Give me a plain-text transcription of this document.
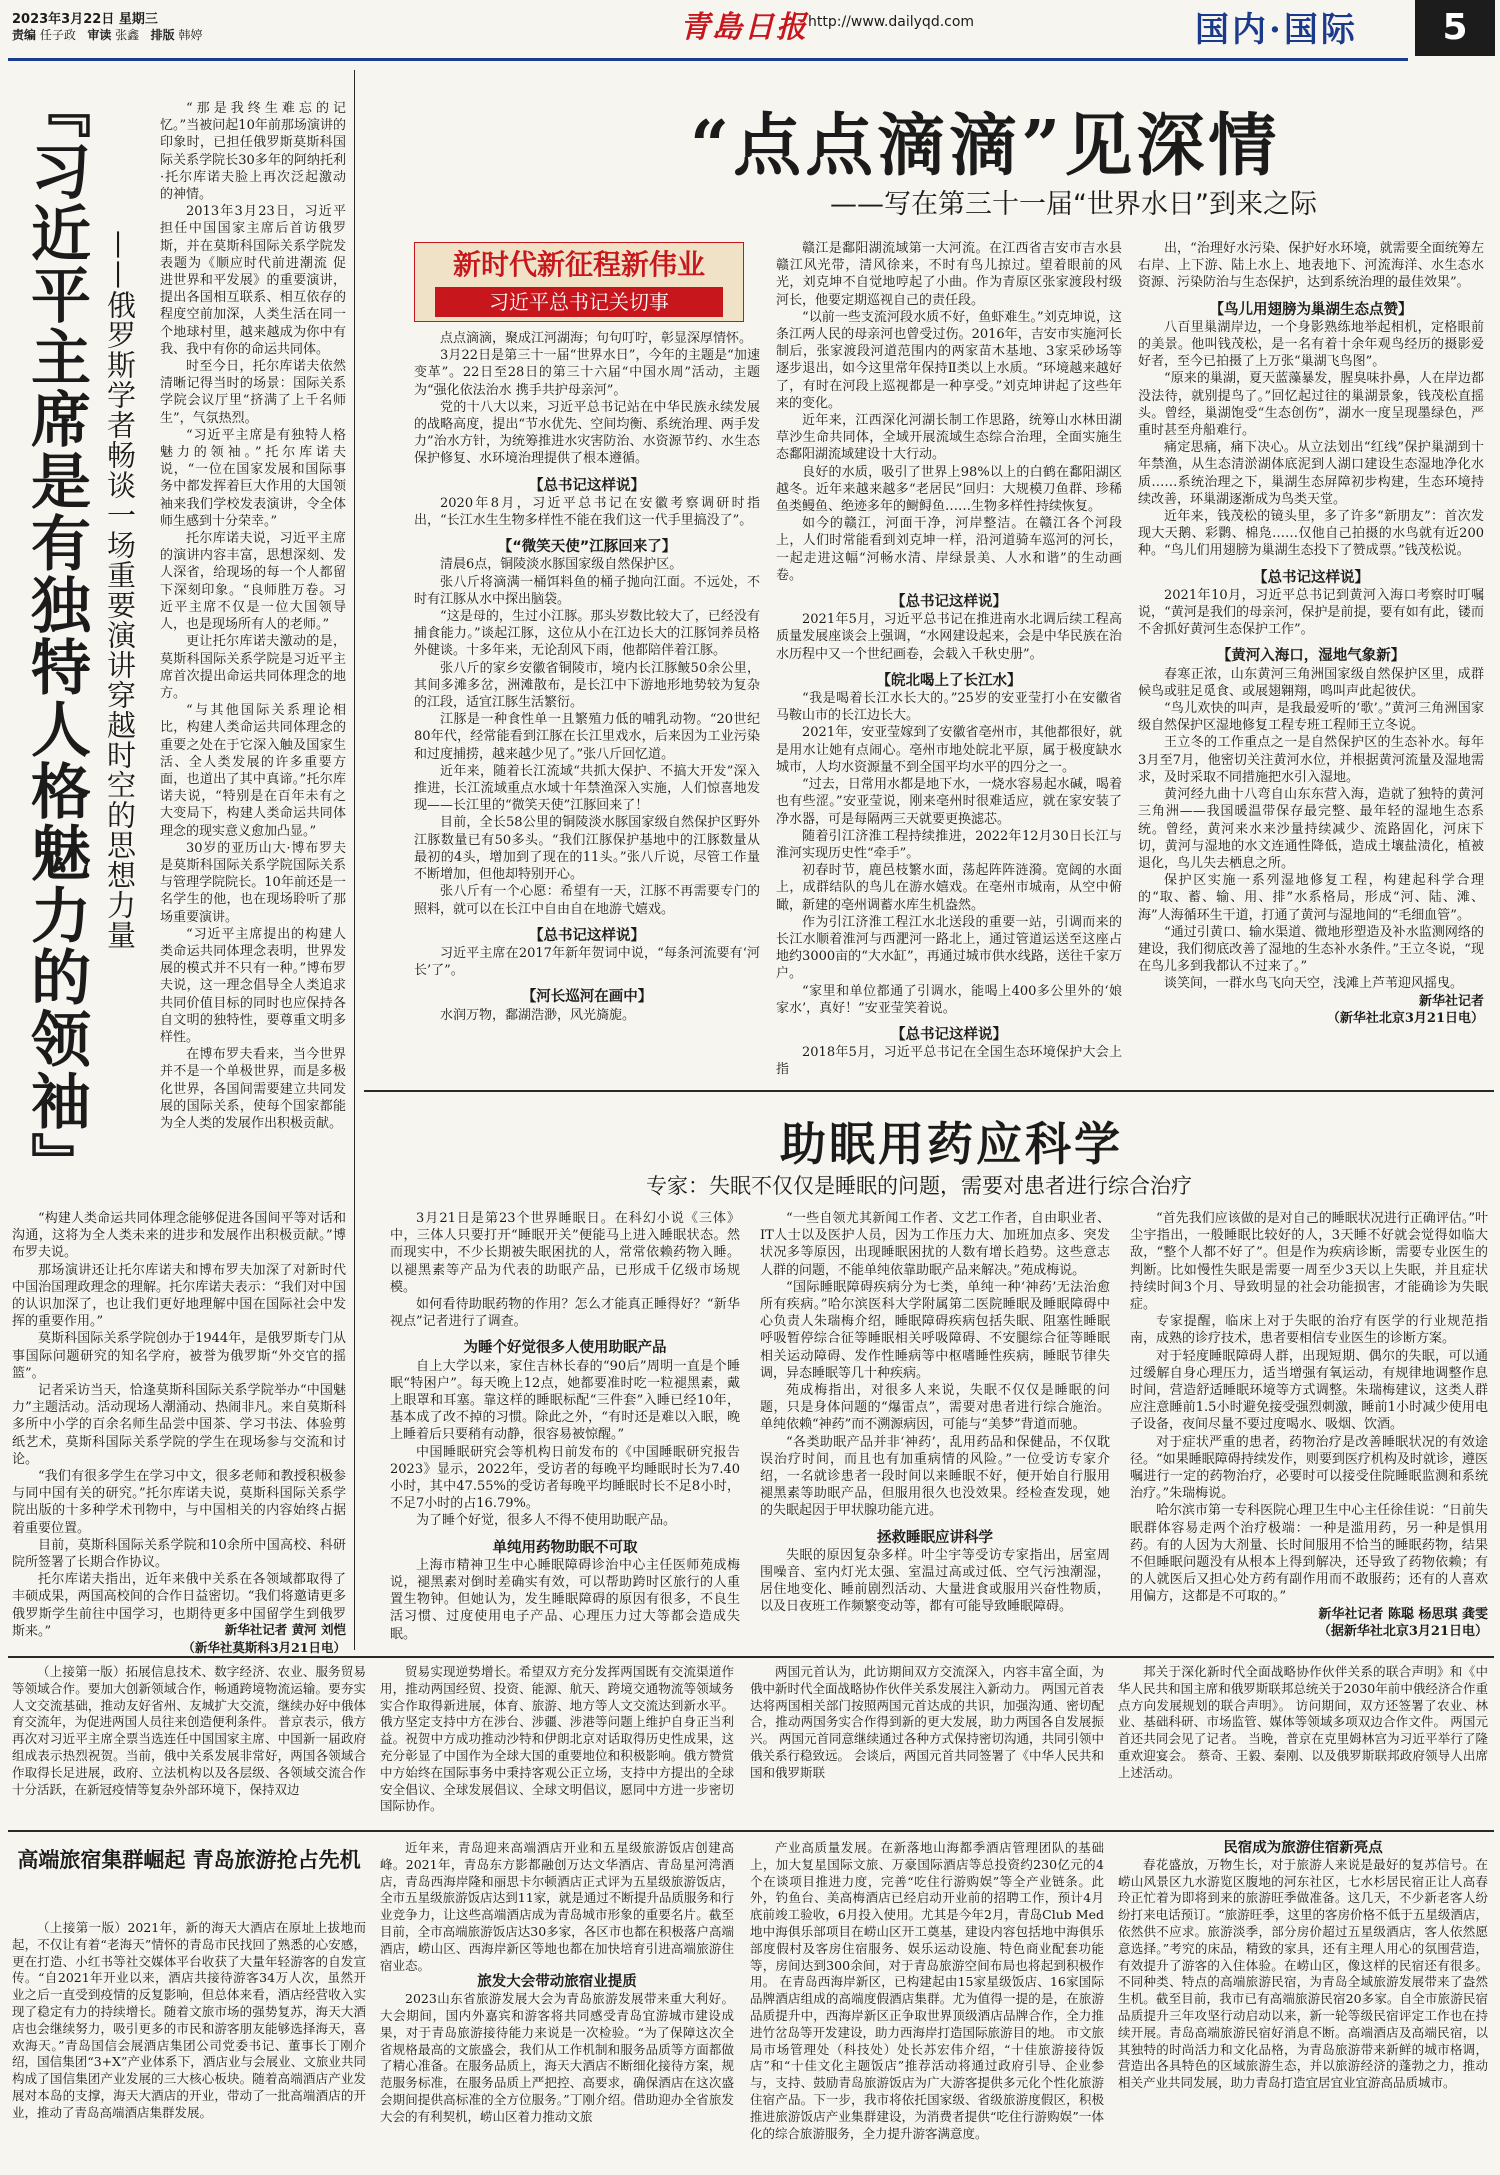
2023年3月22日 星期三
责编 任子政 审读 张鑫 排版 韩婷	青島日报 http://www.dailyqd.com	国内·国际	5
『习近平主席是有独特人格魅力的领袖』 ——俄罗斯学者畅谈一场重要演讲穿越时空的思想力量

“那是我终生难忘的记忆。”当被问起10年前那场演讲的印象时，已担任俄罗斯莫斯科国际关系学院长30多年的阿纳托利·托尔库诺夫脸上再次泛起激动的神情。

2013年3月23日，习近平担任中国国家主席后首访俄罗斯，并在莫斯科国际关系学院发表题为《顺应时代前进潮流 促进世界和平发展》的重要演讲，提出各国相互联系、相互依存的程度空前加深，人类生活在同一个地球村里，越来越成为你中有我、我中有你的命运共同体。

时至今日，托尔库诺夫依然清晰记得当时的场景：国际关系学院会议厅里“挤满了上千名师生”，气氛热烈。

“习近平主席是有独特人格魅力的领袖。”托尔库诺夫说，“一位在国家发展和国际事务中都发挥着巨大作用的大国领袖来我们学校发表演讲，令全体师生感到十分荣幸。”

托尔库诺夫说，习近平主席的演讲内容丰富，思想深刻、发人深省，给现场的每一个人都留下深刻印象。“良师胜万卷。习近平主席不仅是一位大国领导人，也是现场所有人的老师。”

更让托尔库诺夫激动的是，莫斯科国际关系学院是习近平主席首次提出命运共同体理念的地方。

“与其他国际关系理论相比，构建人类命运共同体理念的重要之处在于它深入触及国家生活、全人类发展的许多重要方面，也道出了其中真谛。”托尔库诺夫说，“特别是在百年未有之大变局下，构建人类命运共同体理念的现实意义愈加凸显。”

30岁的亚历山大·博布罗夫是莫斯科国际关系学院国际关系与管理学院院长。10年前还是一名学生的他，也在现场聆听了那场重要演讲。

“习近平主席提出的构建人类命运共同体理念表明，世界发展的模式并不只有一种。”博布罗夫说，这一理念倡导全人类追求共同价值目标的同时也应保持各自文明的独特性，要尊重文明多样性。

在博布罗夫看来，当今世界并不是一个单极世界，而是多极化世界，各国间需要建立共同发展的国际关系，使每个国家都能为全人类的发展作出积极贡献。

“构建人类命运共同体理念能够促进各国间平等对话和沟通，这将为全人类未来的进步和发展作出积极贡献。”博布罗夫说。

那场演讲还让托尔库诺夫和博布罗夫加深了对新时代中国治国理政理念的理解。托尔库诺夫表示：“我们对中国的认识加深了，也让我们更好地理解中国在国际社会中发挥的重要作用。”

莫斯科国际关系学院创办于1944年，是俄罗斯专门从事国际问题研究的知名学府，被誉为俄罗斯“外交官的摇篮”。

记者采访当天，恰逢莫斯科国际关系学院举办“中国魅力”主题活动。活动现场人潮涌动、热闹非凡。来自莫斯科多所中小学的百余名师生品尝中国茶、学习书法、体验剪纸艺术，莫斯科国际关系学院的学生在现场参与交流和讨论。

“我们有很多学生在学习中文，很多老师和教授积极参与同中国有关的研究。”托尔库诺夫说，莫斯科国际关系学院出版的十多种学术刊物中，与中国相关的内容始终占据着重要位置。

目前，莫斯科国际关系学院和10余所中国高校、科研院所签署了长期合作协议。

托尔库诺夫指出，近年来俄中关系在各领域都取得了丰硕成果，两国高校间的合作日益密切。“我们将邀请更多俄罗斯学生前往中国学习，也期待更多中国留学生到俄罗斯来。”	新华社记者 黄河 刘恺
（新华社莫斯科3月21日电）
“点点滴滴”见深情
——写在第三十一届“世界水日”到来之际
新时代新征程新伟业
习近平总书记关切事

点点滴滴，聚成江河湖海；句句叮咛，彰显深厚情怀。

3月22日是第三十一届“世界水日”，今年的主题是“加速变革”。22日至28日的第三十六届“中国水周”活动，主题为“强化依法治水 携手共护母亲河”。

党的十八大以来，习近平总书记站在中华民族永续发展的战略高度，提出“节水优先、空间均衡、系统治理、两手发力”治水方针，为统筹推进水灾害防治、水资源节约、水生态保护修复、水环境治理提供了根本遵循。

【总书记这样说】

2020年8月，习近平总书记在安徽考察调研时指出，“长江水生生物多样性不能在我们这一代手里搞没了”。

【“微笑天使”江豚回来了】

清晨6点，铜陵淡水豚国家级自然保护区。

张八斤将滴满一桶饵料鱼的桶子抛向江面。不远处，不时有江豚从水中探出脑袋。

“这是母的，生过小江豚。那头岁数比较大了，已经没有捕食能力。”谈起江豚，这位从小在江边长大的江豚饲养员格外健谈。十多年来，无论刮风下雨，他都陪伴着江豚。

张八斤的家乡安徽省铜陵市，境内长江豚鲏50余公里，其间多滩多岔，洲滩散布，是长江中下游地形地势较为复杂的江段，适宜江豚生活繁衍。

江豚是一种食性单一且繁殖力低的哺乳动物。“20世纪80年代，经常能看到江豚在长江里戏水，后来因为工业污染和过度捕捞，越来越少见了。”张八斤回忆道。

近年来，随着长江流域“共抓大保护、不搞大开发”深入推进，长江流域重点水域十年禁渔深入实施，人们惊喜地发现——长江里的“微笑天使”江豚回来了！

目前，全长58公里的铜陵淡水豚国家级自然保护区野外江豚数量已有50多头。“我们江豚保护基地中的江豚数量从最初的4头，增加到了现在的11头。”张八斤说，尽管工作量不断增加，但他却特别开心。

张八斤有一个心愿：希望有一天，江豚不再需要专门的照料，就可以在长江中自由自在地游弋嬉戏。

【总书记这样说】

习近平主席在2017年新年贺词中说，“每条河流要有‘河长’了”。

【河长巡河在画中】

水润万物，鄱湖浩渺，风光旖旎。

赣江是鄱阳湖流域第一大河流。在江西省吉安市吉水县赣江风光带，清风徐来，不时有鸟儿掠过。望着眼前的风光，刘克坤不自觉地哼起了小曲。作为青原区张家渡段村级河长，他要定期巡视自己的责任段。

“以前一些支流河段水质不好，鱼虾难生。”刘克坤说，这条江两人民的母亲河也曾受过伤。2016年，吉安市实施河长制后，张家渡段河道范围内的两家苗木基地、3家采砂场等逐步退出，如今这里常年保持Ⅱ类以上水质。“环境越来越好了，有时在河段上巡视都是一种享受。”刘克坤讲起了这些年来的变化。

近年来，江西深化河湖长制工作思路，统筹山水林田湖草沙生命共同体，全域开展流域生态综合治理，全面实施生态鄱阳湖流域建设十大行动。

良好的水质，吸引了世界上98%以上的白鹤在鄱阳湖区越冬。近年来越来越多“老居民”回归：大规模刀鱼群、珍稀鱼类鳗鱼、绝迹多年的鲥鲟鱼……生物多样性持续恢复。

如今的赣江，河面干净，河岸整洁。在赣江各个河段上，人们时常能看到刘克坤一样，沿河道骑车巡河的河长，一起走进这幅“河畅水清、岸绿景美、人水和谐”的生动画卷。

【总书记这样说】

2021年5月，习近平总书记在推进南水北调后续工程高质量发展座谈会上强调，“水网建设起来，会是中华民族在治水历程中又一个世纪画卷，会载入千秋史册”。

【皖北喝上了长江水】

“我是喝着长江水长大的。”25岁的安亚莹打小在安徽省马鞍山市的长江边长大。

2021年，安亚莹嫁到了安徽省亳州市，其他都很好，就是用水让她有点闹心。亳州市地处皖北平原，属于极度缺水城市，人均水资源量不到全国平均水平的四分之一。

“过去，日常用水都是地下水，一烧水容易起水碱，喝着也有些涩。”安亚莹说，刚来亳州时很难适应，就在家安装了净水器，可是每隔两三天就要更换滤芯。

随着引江济淮工程持续推进，2022年12月30日长江与淮河实现历史性“牵手”。

初春时节，鹿邑枝繁水面，荡起阵阵涟漪。宽阔的水面上，成群结队的鸟儿在游水嬉戏。在亳州市城南，从空中俯瞰，新建的亳州调蓄水库生机盎然。

作为引江济淮工程江水北送段的重要一站，引调而来的长江水顺着淮河与西淝河一路北上，通过管道运送至这座占地约3000亩的“大水缸”，再通过城市供水线路，送往千家万户。

“家里和单位都通了引调水，能喝上400多公里外的‘娘家水’，真好！”安亚莹笑着说。

【总书记这样说】

2018年5月，习近平总书记在全国生态环境保护大会上指

出，“治理好水污染、保护好水环境，就需要全面统筹左右岸、上下游、陆上水上、地表地下、河流海洋、水生态水资源、污染防治与生态保护，达到系统治理的最佳效果”。

【鸟儿用翅膀为巢湖生态点赞】

八百里巢湖岸边，一个身影熟练地举起相机，定格眼前的美景。他叫钱茂松，是一名有着十余年观鸟经历的摄影爱好者，至今已拍摄了上万张“巢湖飞鸟图”。

“原来的巢湖，夏天蓝藻暴发，腥臭味扑鼻，人在岸边都没法待，就别提鸟了。”回忆起过往的巢湖景象，钱茂松直摇头。曾经，巢湖饱受“生态创伤”，湖水一度呈现墨绿色，严重时甚至舟船难行。

痛定思痛，痛下决心。从立法划出“红线”保护巢湖到十年禁渔，从生态清淤湖体底泥到人湖口建设生态湿地净化水质……系统治理之下，巢湖生态屏障初步构建，生态环境持续改善，环巢湖逐渐成为鸟类天堂。

近年来，钱茂松的镜头里，多了许多“新朋友”：首次发现大天鹅、彩鹮、棉凫……仅他自己拍摄的水鸟就有近200种。“鸟儿们用翅膀为巢湖生态投下了赞成票。”钱茂松说。

【总书记这样说】

2021年10月，习近平总书记到黄河入海口考察时叮嘱说，“黄河是我们的母亲河，保护是前提，要有如有此，镂而不舍抓好黄河生态保护工作”。

【黄河入海口，湿地气象新】

春寒正浓，山东黄河三角洲国家级自然保护区里，成群候鸟或驻足觅食、或展翅翱翔，鸣叫声此起彼伏。

“鸟儿欢快的叫声，是我最爱听的‘歌’。”黄河三角洲国家级自然保护区湿地修复工程专班工程师王立冬说。

王立冬的工作重点之一是自然保护区的生态补水。每年3月至7月，他密切关注黄河水位，并根据黄河流量及湿地需求，及时采取不同措施把水引入湿地。

黄河经九曲十八弯自山东东营入海，造就了独特的黄河三角洲——我国暖温带保存最完整、最年轻的湿地生态系统。曾经，黄河来水来沙量持续减少、流路固化，河床下切，黄河与湿地的水文连通性降低，造成土壤盐渍化，植被退化，鸟儿失去栖息之所。

保护区实施一系列湿地修复工程，构建起科学合理的“取、蓄、输、用、排”水系格局，形成“河、陆、滩、海”人海循环生干道，打通了黄河与湿地间的“毛细血管”。

“通过引黄口、输水渠道、微地形塑造及补水监测网络的建设，我们彻底改善了湿地的生态补水条件。”王立冬说，“现在鸟儿多到我都认不过来了。”

谈笑间，一群水鸟飞向天空，浅滩上芦苇迎风摇曳。

新华社记者

（新华社北京3月21日电）

助眠用药应科学
专家：失眠不仅仅是睡眠的问题，需要对患者进行综合治疗

3月21日是第23个世界睡眠日。在科幻小说《三体》中，三体人只要打开“睡眠开关”便能马上进入睡眠状态。然而现实中，不少长期被失眠困扰的人，常常依赖药物入睡。以褪黑素等产品为代表的助眠产品，已形成千亿级市场规模。

如何看待助眠药物的作用？怎么才能真正睡得好？“新华视点”记者进行了调查。

为睡个好觉很多人使用助眠产品

自上大学以来，家住吉林长春的“90后”周明一直是个睡眠“特困户”。每天晚上12点，她都要准时吃一粒褪黑素，戴上眼罩和耳塞。靠这样的睡眠标配“三件套”入睡已经10年，基本成了改不掉的习惯。除此之外，“有时还是难以入眠，晚上睡着后只要稍有动静，很容易被惊醒。”

中国睡眠研究会等机构日前发布的《中国睡眠研究报告2023》显示，2022年，受访者的每晚平均睡眠时长为7.40小时，其中47.55%的受访者每晚平均睡眠时长不足8小时，不足7小时的占16.79%。

为了睡个好觉，很多人不得不使用助眠产品。

单纯用药物助眠不可取

上海市精神卫生中心睡眠障碍诊治中心主任医师苑成梅说，褪黑素对倒时差确实有效，可以帮助跨时区旅行的人重置生物钟。但她认为，发生睡眠障碍的原因有很多，不良生活习惯、过度使用电子产品、心理压力过大等都会造成失眠。

“一些自领尤其新闻工作者、文艺工作者，自由职业者、IT人士以及医护人员，因为工作压力大、加班加点多、突发状况多等原因，出现睡眠困扰的人数有增长趋势。这些意志人群的问题，不能单纯依靠助眠产品来解决。”苑成梅说。

“国际睡眠障碍疾病分为七类，单纯一种‘神药’无法治愈所有疾病。”哈尔滨医科大学附属第二医院睡眠及睡眠障碍中心负责人朱瑞梅介绍，睡眠障碍疾病包括失眠、阻塞性睡眠呼吸暂停综合征等睡眠相关呼吸障碍、不安腿综合征等睡眠相关运动障碍、发作性睡病等中枢嗜睡性疾病，睡眠节律失调，异态睡眠等几十种疾病。

苑成梅指出，对很多人来说，失眠不仅仅是睡眠的问题，只是身体问题的“爆雷点”，需要对患者进行综合施治。单纯依赖“神药”而不溯源病因，可能与“美梦”背道而驰。

“各类助眠产品并非‘神药’，乱用药品和保健品，不仅耽误治疗时间，而且也有加重病情的风险。”一位受访专家介绍，一名就诊患者一段时间以来睡眠不好，便开始自行服用褪黑素等助眠产品，但服用很久也没效果。经检查发现，她的失眠起因于甲状腺功能亢进。

拯救睡眠应讲科学

失眠的原因复杂多样。叶尘宇等受访专家指出，居室周围噪音、室内灯光太强、室温过高或过低、空气污浊潮湿，居住地变化、睡前剧烈活动、大量进食或服用兴奋性物质，以及日夜班工作频繁变动等，都有可能导致睡眠障碍。

“首先我们应该做的是对自己的睡眠状况进行正确评估。”叶尘宇指出，一般睡眠比较好的人，3天睡不好就会觉得如临大敌，“整个人都不好了”。但是作为疾病诊断，需要专业医生的判断。比如慢性失眠是需要一周至少3天以上失眠，并且症状持续时间3个月、导致明显的社会功能损害，才能确诊为失眠症。

专家提醒，临床上对于失眠的治疗有医学的行业规范指南，成熟的诊疗技术，患者要相信专业医生的诊断方案。

对于轻度睡眠障碍人群，出现短期、偶尔的失眠，可以通过缓解自身心理压力，适当增强有氧运动，有规律地调整作息时间，营造舒适睡眠环境等方式调整。朱瑞梅建议，这类人群应注意睡前1.5小时避免接受强烈刺激，睡前1小时减少使用电子设备，夜间尽量不要过度喝水、吸烟、饮酒。

对于症状严重的患者，药物治疗是改善睡眠状况的有效途径。“如果睡眠障碍持续发作，则要到医疗机构及时就诊，遵医嘱进行一定的药物治疗，必要时可以接受住院睡眠监测和系统治疗。”朱瑞梅说。

哈尔滨市第一专科医院心理卫生中心主任徐佳说：“日前失眠群体容易走两个治疗极端：一种是滥用药，另一种是惧用药。有的人因为大剂量、长时间服用不恰当的睡眠药物，结果不但睡眠问题没有从根本上得到解决，还导致了药物依赖；有的人就医后又担心处方药有副作用而不敢服药；还有的人喜欢用偏方，这都是不可取的。”

新华社记者 陈聪 杨思琪 龚雯

（据新华社北京3月21日电）

（上接第一版）拓展信息技术、数字经济、农业、服务贸易等领域合作。要加大创新领域合作，畅通跨境物流运输。要夯实人文交流基础，推动友好省州、友城扩大交流，继续办好中俄体育交流年，为促进两国人员往来创造便利条件。 普京表示，俄方再次对习近平主席全票当选连任中国国家主席、中国新一届政府组成表示热烈祝贺。当前，俄中关系发展非常好，两国各领域合作取得长足进展，政府、立法机构以及各层级、各领域交流合作十分活跃，在新冠疫情等复杂外部环境下，保持双边

贸易实现逆势增长。希望双方充分发挥两国既有交流渠道作用，推动两国经贸、投资、能源、航天、跨境交通物流等领域务实合作取得新进展，体育、旅游、地方等人文交流达到新水平。俄方坚定支持中方在涉台、涉疆、涉港等问题上维护自身正当利益。祝贺中方成功推动沙特和伊朗北京对话取得历史性成果，这充分彰显了中国作为全球大国的重要地位和积极影响。俄方赞赏中方始终在国际事务中秉持客观公正立场，支持中方提出的全球安全倡议、全球发展倡议、全球文明倡议，愿同中方进一步密切国际协作。

两国元首认为，此访期间双方交流深入，内容丰富全面，为俄中新时代全面战略协作伙伴关系发展注入新动力。 两国元首表达将两国相关部门按照两国元首达成的共识，加强沟通、密切配合，推动两国务实合作得到新的更大发展，助力两国各自发展振兴。 两国元首同意继续通过各种方式保持密切沟通，共同引领中俄关系行稳致远。 会谈后，两国元首共同签署了《中华人民共和国和俄罗斯联

邦关于深化新时代全面战略协作伙伴关系的联合声明》和《中华人民共和国主席和俄罗斯联邦总统关于2030年前中俄经济合作重点方向发展规划的联合声明》。 访问期间，双方还签署了农业、林业、基础科研、市场监管、媒体等领域多项双边合作文件。 两国元首还共同会见了记者。 当晚，普京在克里姆林宫为习近平举行了隆重欢迎宴会。 蔡奇、王毅、秦刚、以及俄罗斯联邦政府领导人出席上述活动。

高端旅宿集群崛起 青岛旅游抢占先机

（上接第一版）2021年，新的海天大酒店在原址上拔地而起，不仅让有着“老海天”情怀的青岛市民找回了熟悉的心安感，更在打造、小红书等社交媒体平台收获了大量年轻游客的自发宣传。“自2021年开业以来，酒店共接待游客34万人次，虽然开业之后一直受到疫情的反复影响，但总体来看，酒店经营收入实现了稳定有力的持续增长。随着文旅市场的强势复苏，海天大酒店也会继续努力，吸引更多的市民和游客朋友能够选择海天，喜欢海天。”青岛国信会展酒店集团公司党委书记、董事长丁刚介绍，国信集团“3+X”产业体系下，酒店业与会展业、文旅业共同构成了国信集团产业发展的三大核心板块。随着高端酒店产业发展对本岛的支撑，海天大酒店的开业，带动了一批高端酒店的开业，推动了青岛高端酒店集群发展。

近年来，青岛迎来高端酒店开业和五星级旅游饭店创建高峰。2021年，青岛东方影都融创万达文华酒店、青岛星河湾酒店，青岛西海岸隆和丽思卡尔顿酒店正式评为五星级旅游饭店，全市五星级旅游饭店达到11家，就是通过不断提升品质服务和行业竞争力，让这些高端酒店成为青岛城市形象的重要名片。截至目前，全市高端旅游饭店达30多家，各区市也都在积极落户高端酒店，崂山区、西海岸新区等地也都在加快培育引进高端旅游住宿业态。

旅发大会带动旅宿业提质

2023山东省旅游发展大会为青岛旅游发展带来重大利好。大会期间，国内外嘉宾和游客将共同感受青岛宜游城市建设成果，对于青岛旅游接待能力来说是一次检验。“为了保障这次全省规格最高的文旅盛会，我们从工作机制和服务品质等方面都做了精心准备。在服务品质上，海天大酒店不断细化接待方案，规范服务标准，在服务品质上严把控、高要求，确保酒店在这次盛会期间提供高标准的全方位服务。”丁刚介绍。借助迎办全省旅发大会的有利契机，崂山区着力推动文旅

产业高质量发展。在新落地山海都季酒店管理团队的基础上，加大复星国际文旅、万豪国际酒店等总投资约230亿元的4个在谈项目推进力度，完善“吃住行游购娱”等全产业链条。此外，钓鱼台、美高梅酒店已经启动开业前的招聘工作，预计4月底前竣工验收，6月投入使用。尤其是今年2月，青岛Club Med地中海俱乐部项目在崂山区开工奠基，建设内容包括地中海俱乐部度假村及客房住宿服务、娱乐运动设施、特色商业配套功能等，房间达到300余间，对于青岛旅游空间布局也将起到积极作用。 在青岛西海岸新区，已构建起由15家星级饭店、16家国际品牌酒店组成的高端度假酒店集群。尤为值得一提的是，在旅游品质提升中，西海岸新区正争取世界顶级酒店品牌合作，全力推进竹岔岛等开发建设，助力西海岸打造国际旅游目的地。 市文旅局市场管理处（科技处）处长苏宏伟介绍，“十佳旅游接待饭店”和“十佳文化主题饭店”推荐活动将通过政府引导、企业参与，支持、鼓励青岛旅游饭店为广大游客提供多元化个性化旅游住宿产品。下一步，我市将依托国家级、省级旅游度假区，积极推进旅游饭店产业集群建设，为消费者提供“吃住行游购娱”一体化的综合旅游服务，全力提升游客满意度。

民宿成为旅游住宿新亮点

春花盛放，万物生长，对于旅游人来说是最好的复苏信号。在崂山风景区九水游览区腹地的河东社区，七水杉居民宿正让人高春玲正忙着为即将到来的旅游旺季做准备。这几天，不少新老客人纷纷打来电话预订。“旅游旺季，这里的客房价格不低于五星级酒店，依然供不应求。旅游淡季，部分房价超过五星级酒店，客人依然愿意选择。”考究的床品，精致的家具，还有主理人用心的氛围营造，有效提升了游客的入住体验。在崂山区，像这样的民宿还有很多。 不同种类、特点的高端旅游民宿，为青岛全域旅游发展带来了盎然生机。截至目前，我市已有高端旅游民宿20多家。自全市旅游民宿品质提升三年攻坚行动启动以来，新一轮等级民宿评定工作也在持续开展。青岛高端旅游民宿好消息不断。高端酒店及高端民宿，以其独特的时尚活力和文化品格，为青岛旅游带来新鲜的城市格调，营造出各具特色的区域旅游生态，并以旅游经济的蓬勃之力，推动相关产业共同发展，助力青岛打造宜居宜业宜游高品质城市。
